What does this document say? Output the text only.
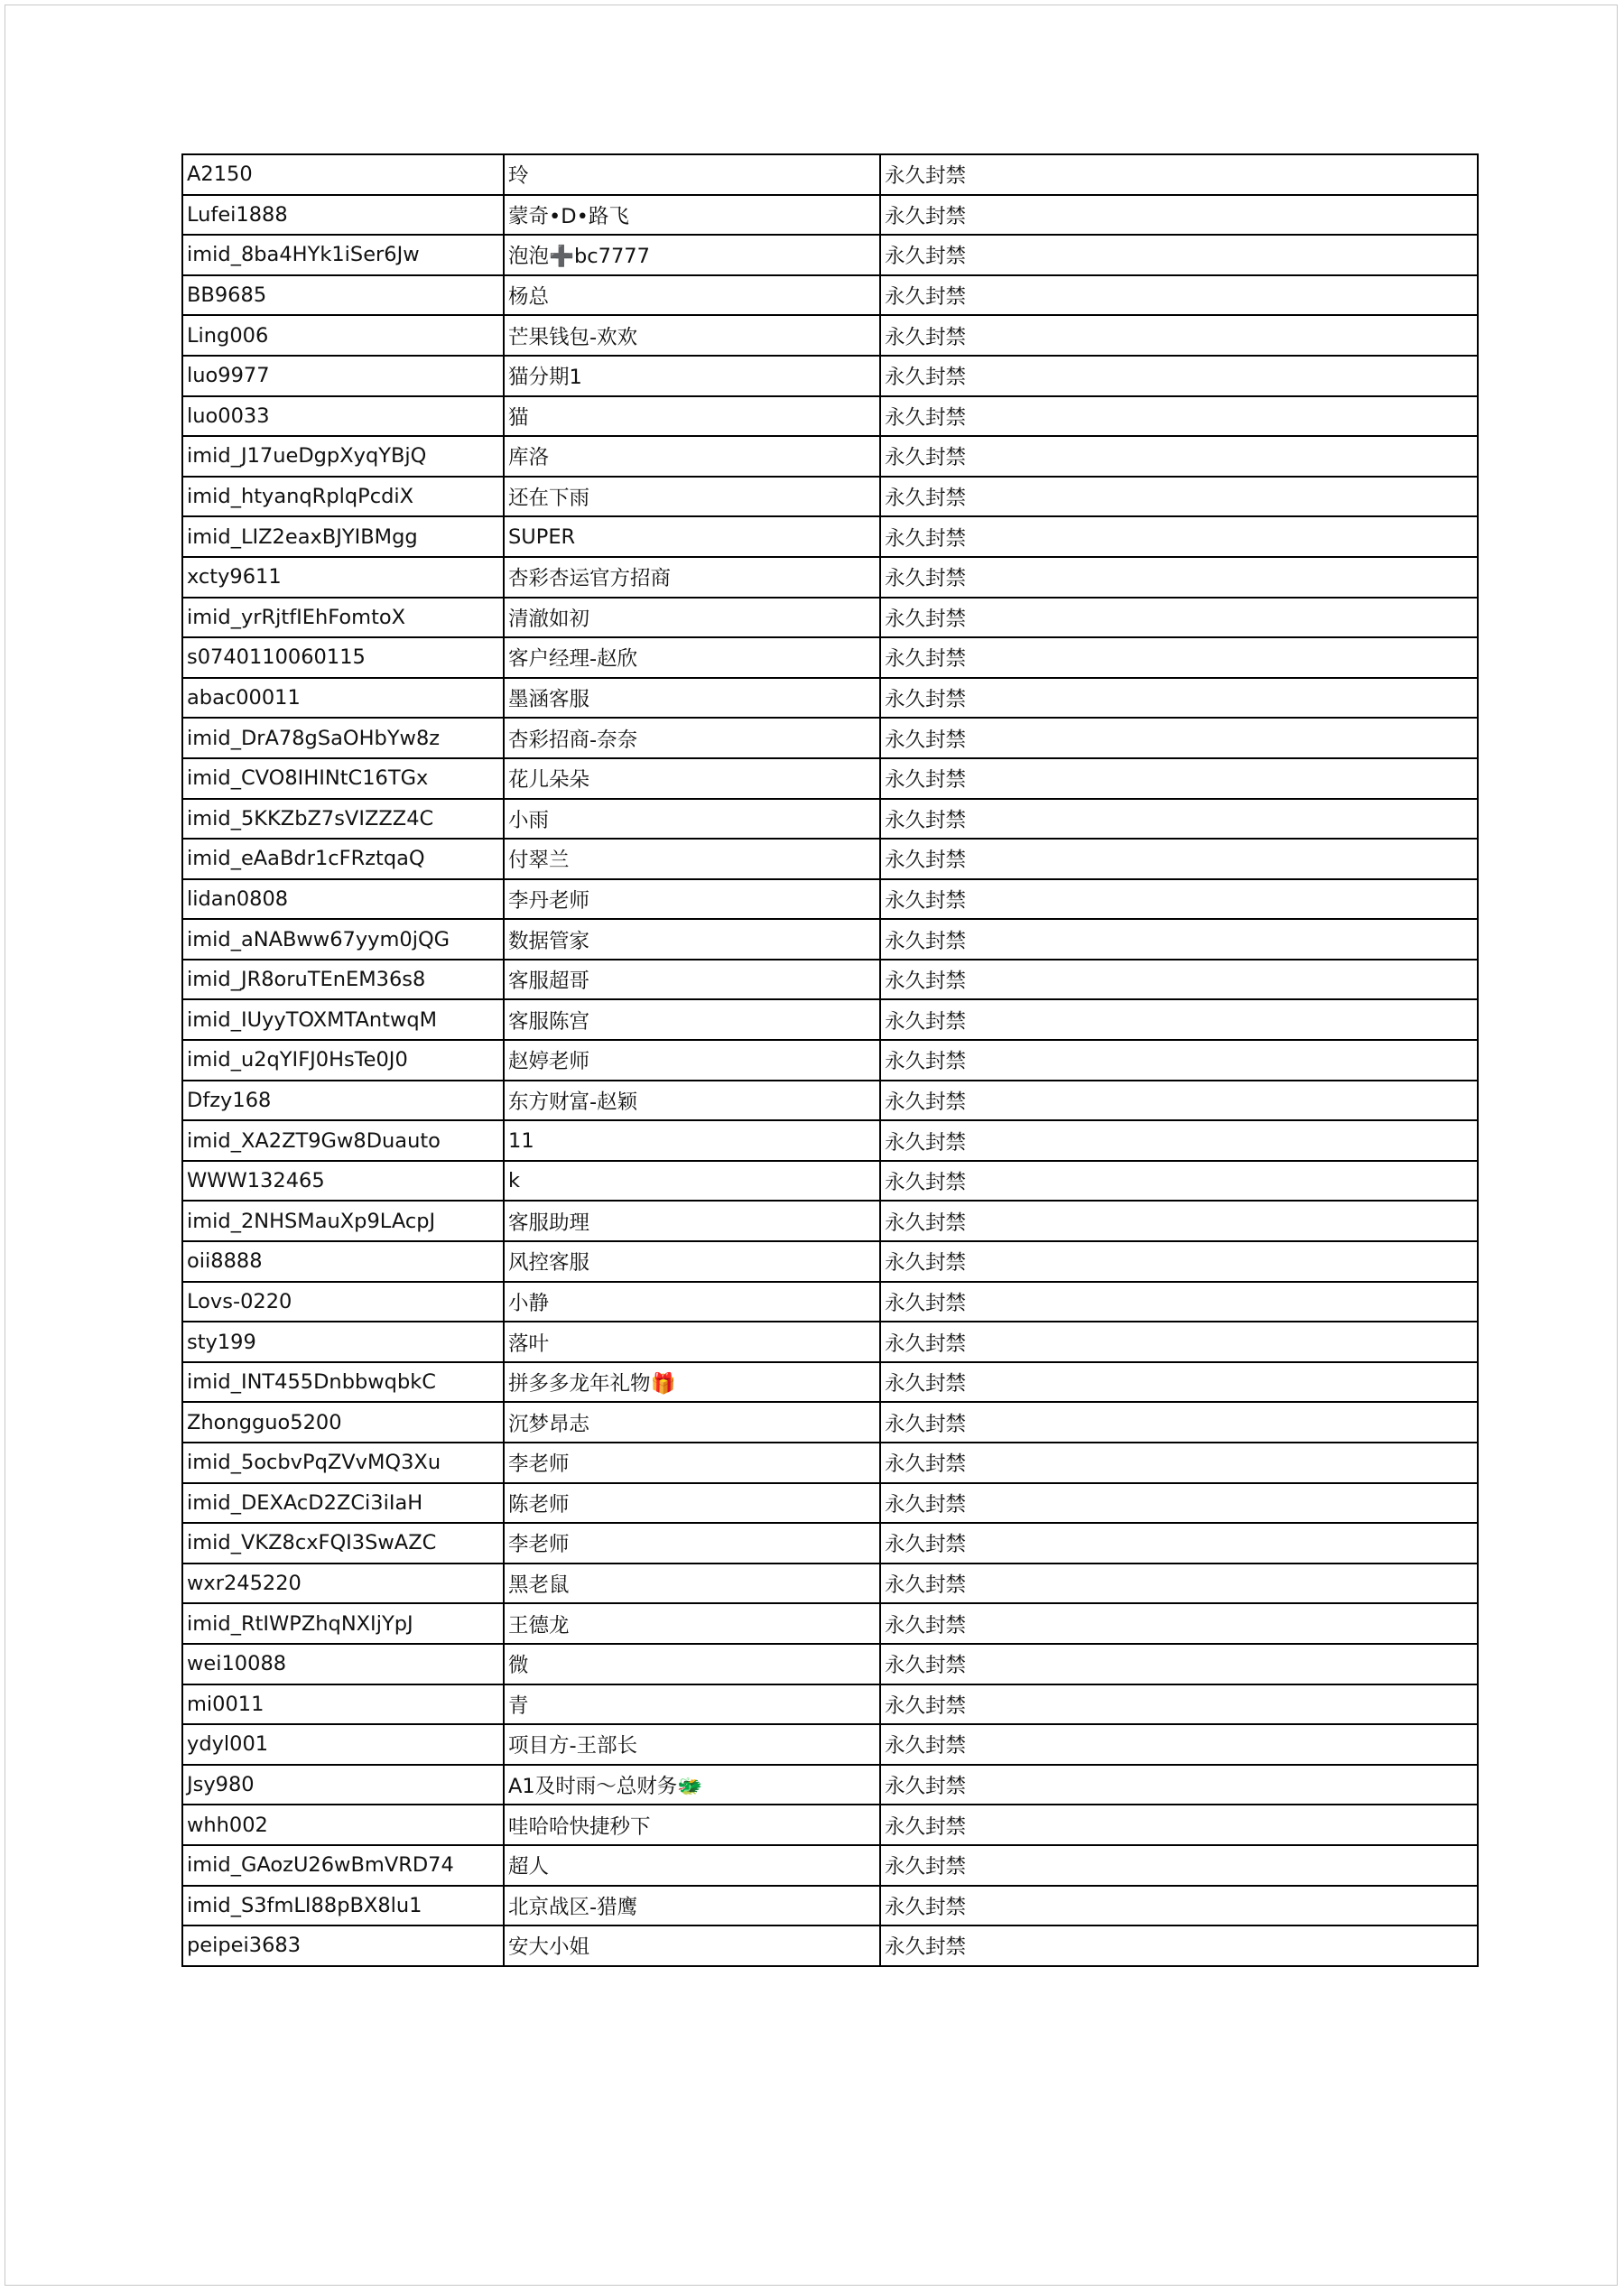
A2150	玲	永久封禁
Lufei1888	蒙奇•D•路飞	永久封禁
imid_8ba4HYk1iSer6Jw	泡泡➕bc7777	永久封禁
BB9685	杨总	永久封禁
Ling006	芒果钱包-欢欢	永久封禁
luo9977	猫分期1	永久封禁
luo0033	猫	永久封禁
imid_J17ueDgpXyqYBjQ	库洛	永久封禁
imid_htyanqRplqPcdiX	还在下雨	永久封禁
imid_LIZ2eaxBJYIBMgg	SUPER	永久封禁
xcty9611	杏彩杏运官方招商	永久封禁
imid_yrRjtfIEhFomtoX	清澈如初	永久封禁
s0740110060115	客户经理-赵欣	永久封禁
abac00011	墨涵客服	永久封禁
imid_DrA78gSaOHbYw8z	杏彩招商-奈奈	永久封禁
imid_CVO8IHINtC16TGx	花儿朵朵	永久封禁
imid_5KKZbZ7sVIZZZ4C	小雨	永久封禁
imid_eAaBdr1cFRztqaQ	付翠兰	永久封禁
lidan0808	李丹老师	永久封禁
imid_aNABww67yym0jQG	数据管家	永久封禁
imid_JR8oruTEnEM36s8	客服超哥	永久封禁
imid_IUyyTOXMTAntwqM	客服陈宫	永久封禁
imid_u2qYIFJ0HsTe0J0	赵婷老师	永久封禁
Dfzy168	东方财富-赵颖	永久封禁
imid_XA2ZT9Gw8Duauto	11	永久封禁
WWW132465	k	永久封禁
imid_2NHSMauXp9LAcpJ	客服助理	永久封禁
oii8888	风控客服	永久封禁
Lovs-0220	小静	永久封禁
sty199	落叶	永久封禁
imid_INT455DnbbwqbkC	拼多多龙年礼物🎁	永久封禁
Zhongguo5200	沉梦昂志	永久封禁
imid_5ocbvPqZVvMQ3Xu	李老师	永久封禁
imid_DEXAcD2ZCi3iIaH	陈老师	永久封禁
imid_VKZ8cxFQI3SwAZC	李老师	永久封禁
wxr245220	黑老鼠	永久封禁
imid_RtIWPZhqNXIjYpJ	王德龙	永久封禁
wei10088	微	永久封禁
mi0011	青	永久封禁
ydyl001	项目方-王部长	永久封禁
Jsy980	A1及时雨～总财务🐲	永久封禁
whh002	哇哈哈快捷秒下	永久封禁
imid_GAozU26wBmVRD74	超人	永久封禁
imid_S3fmLI88pBX8lu1	北京战区-猎鹰	永久封禁
peipei3683	安大小姐	永久封禁
